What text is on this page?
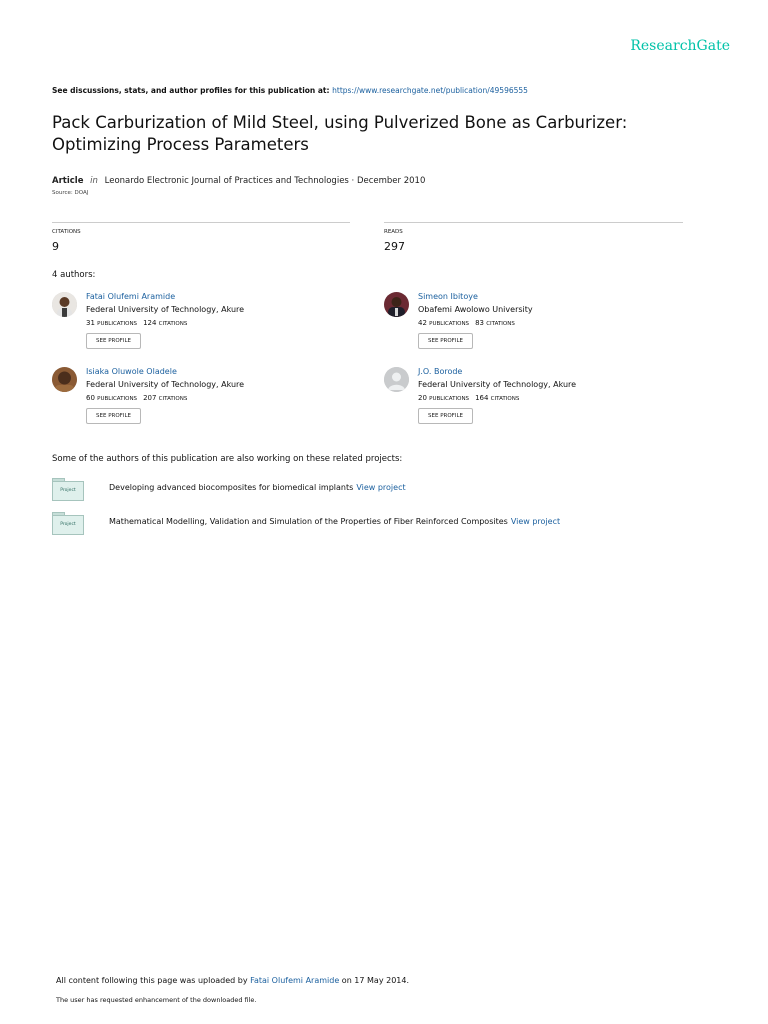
ResearchGate
See discussions, stats, and author profiles for this publication at: https://www.researchgate.net/publication/49596555
Pack Carburization of Mild Steel, using Pulverized Bone as Carburizer: Optimizing Process Parameters
Article in Leonardo Electronic Journal of Practices and Technologies · December 2010
Source: DOAJ
CITATIONS
9
READS
297
4 authors:
Fatai Olufemi Aramide
Federal University of Technology, Akure
31 PUBLICATIONS 124 CITATIONS
SEE PROFILE
Simeon Ibitoye
Obafemi Awolowo University
42 PUBLICATIONS 83 CITATIONS
SEE PROFILE
Isiaka Oluwole Oladele
Federal University of Technology, Akure
60 PUBLICATIONS 207 CITATIONS
SEE PROFILE
J.O. Borode
Federal University of Technology, Akure
20 PUBLICATIONS 164 CITATIONS
SEE PROFILE
Some of the authors of this publication are also working on these related projects:
Project	Developing advanced biocomposites for biomedical implants View project
Project	Mathematical Modelling, Validation and Simulation of the Properties of Fiber Reinforced Composites View project
All content following this page was uploaded by Fatai Olufemi Aramide on 17 May 2014.
The user has requested enhancement of the downloaded file.
